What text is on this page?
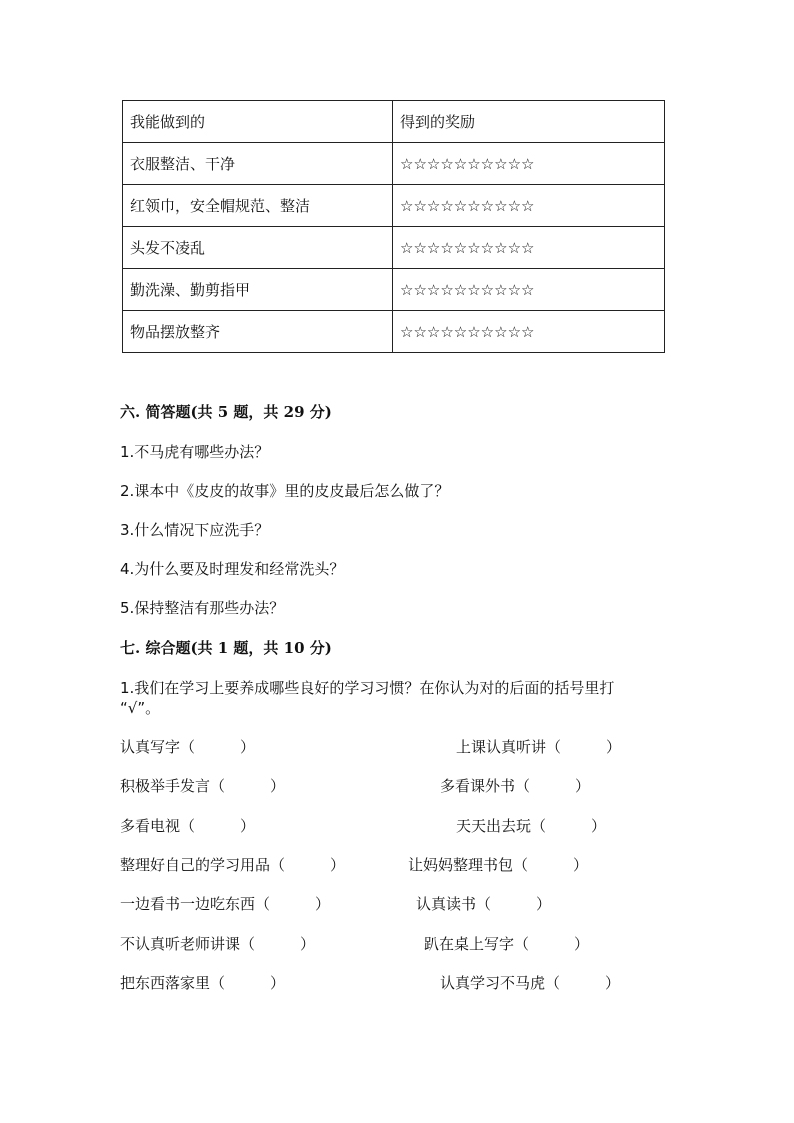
我能做到的	得到的奖励
衣服整洁、干净	☆☆☆☆☆☆☆☆☆☆
红领巾，安全帽规范、整洁	☆☆☆☆☆☆☆☆☆☆
头发不凌乱	☆☆☆☆☆☆☆☆☆☆
勤洗澡、勤剪指甲	☆☆☆☆☆☆☆☆☆☆
物品摆放整齐	☆☆☆☆☆☆☆☆☆☆
六. 简答题(共 5 题，共 29 分)
1.不马虎有哪些办法？
2.课本中《皮皮的故事》里的皮皮最后怎么做了？
3.什么情况下应洗手？
4.为什么要及时理发和经常洗头？
5.保持整洁有那些办法？
七. 综合题(共 1 题，共 10 分)
1.我们在学习上要养成哪些良好的学习习惯？在你认为对的后面的括号里打
“√”。
认真写字（　　　）	上课认真听讲（　　　）
积极举手发言（　　　）	多看课外书（　　　）
多看电视（　　　）	天天出去玩（　　　）
整理好自己的学习用品（　　　）	让妈妈整理书包（　　　）
一边看书一边吃东西（　　　）	认真读书（　　　）
不认真听老师讲课（　　　）	趴在桌上写字（　　　）
把东西落家里（　　　）	认真学习不马虎（　　　）
